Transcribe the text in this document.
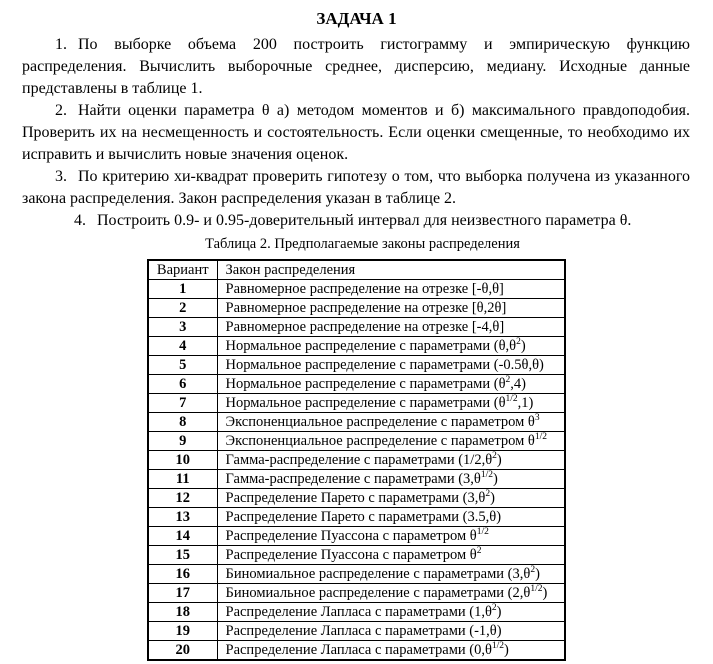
ЗАДАЧА 1

1. По выборке объема 200 построить гистограмму и эмпирическую функцию распределения. Вычислить выборочные среднее, дисперсию, медиану. Исходные данные представлены в таблице 1.

2. Найти оценки параметра θ а) методом моментов и б) максимального правдоподобия. Проверить их на несмещенность и состоятельность. Если оценки смещенные, то необходимо их исправить и вычислить новые значения оценок.

3. По критерию хи-квадрат проверить гипотезу о том, что выборка получена из указанного закона распределения. Закон распределения указан в таблице 2.

4. Построить 0.9- и 0.95-доверительный интервал для неизвестного параметра θ.

Таблица 2. Предполагаемые законы распределения
Вариант	Закон распределения
1	Равномерное распределение на отрезке [-θ,θ]
2	Равномерное распределение на отрезке [θ,2θ]
3	Равномерное распределение на отрезке [-4,θ]
4	Нормальное распределение с параметрами $(\theta,\theta^2)$
5	Нормальное распределение с параметрами (-0.5θ,θ)
6	Нормальное распределение с параметрами $(\theta^2,4)$
7	Нормальное распределение с параметрами $(\theta^{1/2},1)$
8	Экспоненциальное распределение с параметром $\theta^3$
9	Экспоненциальное распределение с параметром $\theta^{1/2}$
10	Гамма-распределение с параметрами $(1/2,\theta^2)$
11	Гамма-распределение с параметрами $(3,\theta^{1/2})$
12	Распределение Парето с параметрами $(3,\theta^2)$
13	Распределение Парето с параметрами (3.5,θ)
14	Распределение Пуассона с параметром $\theta^{1/2}$
15	Распределение Пуассона с параметром $\theta^2$
16	Биномиальное распределение с параметрами $(3,\theta^2)$
17	Биномиальное распределение с параметрами $(2,\theta^{1/2})$
18	Распределение Лапласа с параметрами $(1,\theta^2)$
19	Распределение Лапласа с параметрами (-1,θ)
20	Распределение Лапласа с параметрами $(0,\theta^{1/2})$
